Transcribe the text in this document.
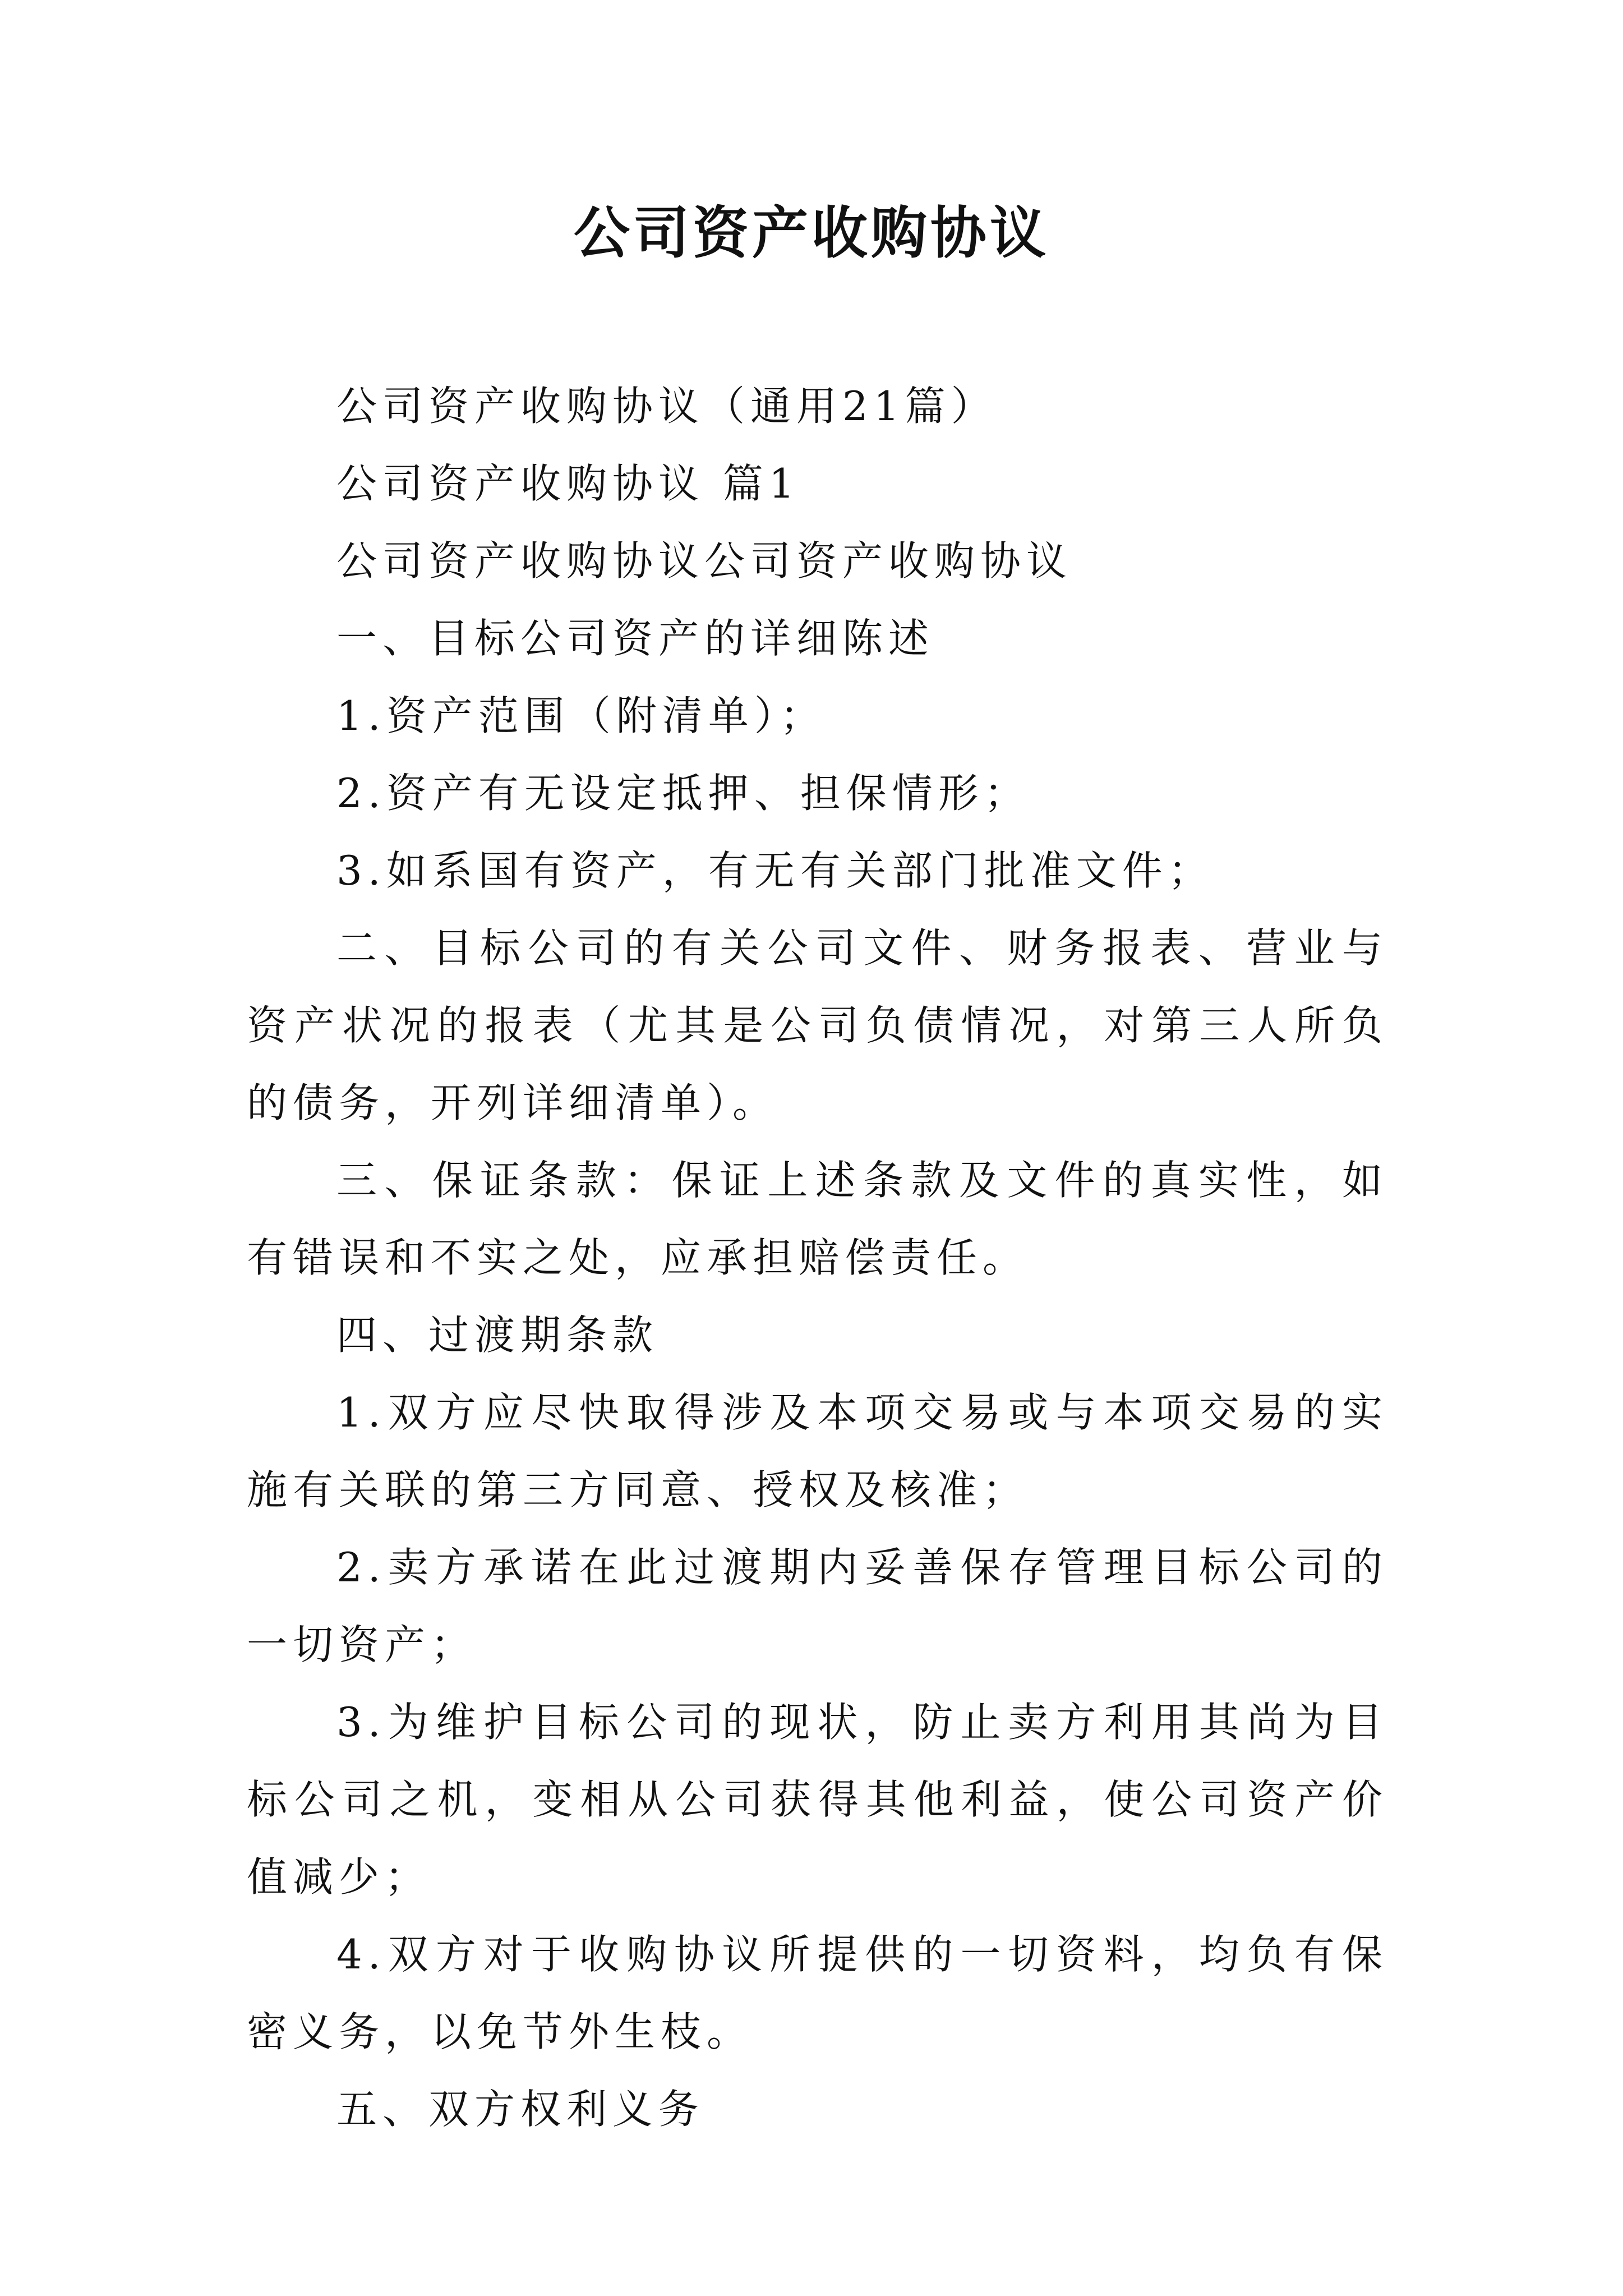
公司资产收购协议

公司资产收购协议（通用21篇）

公司资产收购协议 篇1

公司资产收购协议公司资产收购协议

一、目标公司资产的详细陈述

1.资产范围（附清单）；

2.资产有无设定抵押、担保情形；

3.如系国有资产，有无有关部门批准文件；

二、目标公司的有关公司文件、财务报表、营业与资产状况的报表（尤其是公司负债情况，对第三人所负的债务，开列详细清单）。

三、保证条款：保证上述条款及文件的真实性，如有错误和不实之处，应承担赔偿责任。

四、过渡期条款

1.双方应尽快取得涉及本项交易或与本项交易的实施有关联的第三方同意、授权及核准；

2.卖方承诺在此过渡期内妥善保存管理目标公司的一切资产；

3.为维护目标公司的现状，防止卖方利用其尚为目标公司之机，变相从公司获得其他利益，使公司资产价值减少；

4.双方对于收购协议所提供的一切资料，均负有保密义务，以免节外生枝。

五、双方权利义务
